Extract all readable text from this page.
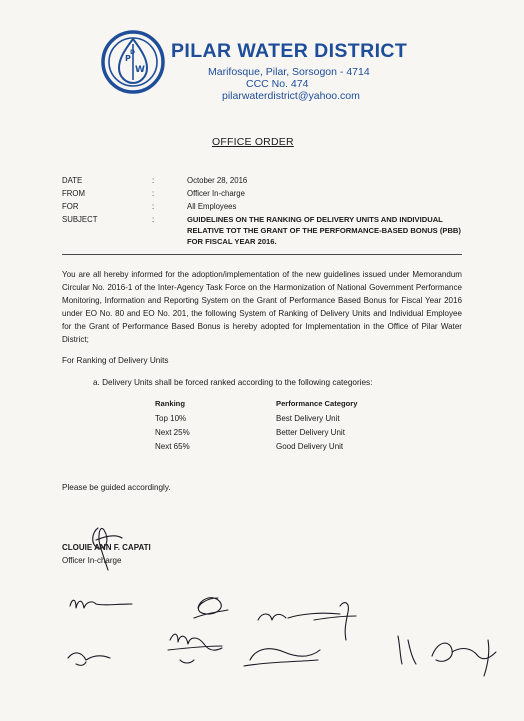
P
W
D PILAR WATER DISTRICT
Marifosque, Pilar, Sorsogon - 4714
CCC No. 474
pilarwaterdistrict@yahoo.com
OFFICE ORDER
DATE	:	October 28, 2016
FROM	:	Officer In-charge
FOR	:	All Employees
SUBJECT	:	GUIDELINES ON THE RANKING OF DELIVERY UNITS AND INDIVIDUAL RELATIVE TOT THE GRANT OF THE PERFORMANCE-BASED BONUS (PBB) FOR FISCAL YEAR 2016.
You are all hereby informed for the adoption/implementation of the new guidelines issued under Memorandum Circular No. 2016-1 of the Inter-Agency Task Force on the Harmonization of National Government Performance Monitoring, Information and Reporting System on the Grant of Performance Based Bonus for Fiscal Year 2016 under EO No. 80 and EO No. 201, the following System of Ranking of Delivery Units and Individual Employee for the Grant of Performance Based Bonus is hereby adopted for Implementation in the Office of Pilar Water District;
For Ranking of Delivery Units
a. Delivery Units shall be forced ranked according to the following categories:
Ranking	Performance Category
Top 10%	Best Delivery Unit
Next 25%	Better Delivery Unit
Next 65%	Good Delivery Unit
Please be guided accordingly.
CLOUIE ANN F. CAPATI
Officer In-charge
